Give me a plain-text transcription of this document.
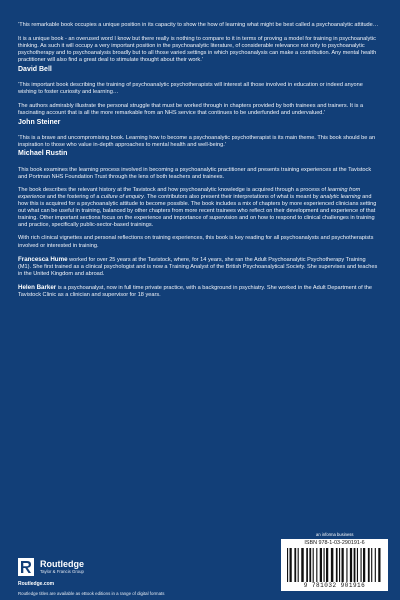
‘This remarkable book occupies a unique position in its capacity to show the how of learning what might be best called a psychoanalytic attitude…

It is a unique book - an overused word I know but there really is nothing to compare to it in terms of proving a model for training in psychoanalytic thinking. As such it will occupy a very important position in the psychoanalytic literature, of considerable relevance not only to psychoanalytic psychotherapy and to psychoanalysis broadly but to all those varied settings in which psychoanalysis can make a contribution. Any mental health practitioner will also find a great deal to stimulate thought about their work.’

David Bell

‘This important book describing the training of psychoanalytic psychotherapists will interest all those involved in education or indeed anyone wishing to foster curiosity and learning…

The authors admirably illustrate the personal struggle that must be worked through in chapters provided by both trainees and trainers. It is a fascinating account that is all the more remarkable from an NHS service that continues to be underfunded and undervalued.’

John Steiner

‘This is a brave and uncompromising book. Learning how to become a psychoanalytic psychotherapist is its main theme. This book should be an inspiration to those who value in-depth approaches to mental health and well-being.’

Michael Rustin

This book examines the learning process involved in becoming a psychoanalytic practitioner and presents training experiences at the Tavistock and Portman NHS Foundation Trust through the lens of both teachers and trainees.

The book describes the relevant history at the Tavistock and how psychoanalytic knowledge is acquired through a process of learning from experience and the fostering of a culture of enquiry. The contributors also present their interpretations of what is meant by analytic learning and how this is acquired for a psychoanalytic attitude to become possible. The book includes a mix of chapters by more experienced clinicians setting out what can be useful in training, balanced by other chapters from more recent trainees who reflect on their development and experience of that training. Other important sections focus on the experience and importance of supervision and on how to respond to clinical challenges in training and practice, specifically public-sector-based trainings.

With rich clinical vignettes and personal reflections on training experiences, this book is key reading for all psychoanalysts and psychotherapists involved or interested in training.

Francesca Hume worked for over 25 years at the Tavistock, where, for 14 years, she ran the Adult Psychoanalytic Psychotherapy Training (M1). She first trained as a clinical psychologist and is now a Training Analyst of the British Psychoanalytical Society. She supervises and teaches in the United Kingdom and abroad.

Helen Barker is a psychoanalyst, now in full time private practice, with a background in psychiatry. She worked in the Adult Department of the Tavistock Clinic as a clinician and supervisor for 18 years.

Routledge
Taylor & Francis Group
Routledge.com
Routledge titles are available as eBook editions in a range of digital formats
an informa business
ISBN 978-1-03-290191-6
9 781032 901916
